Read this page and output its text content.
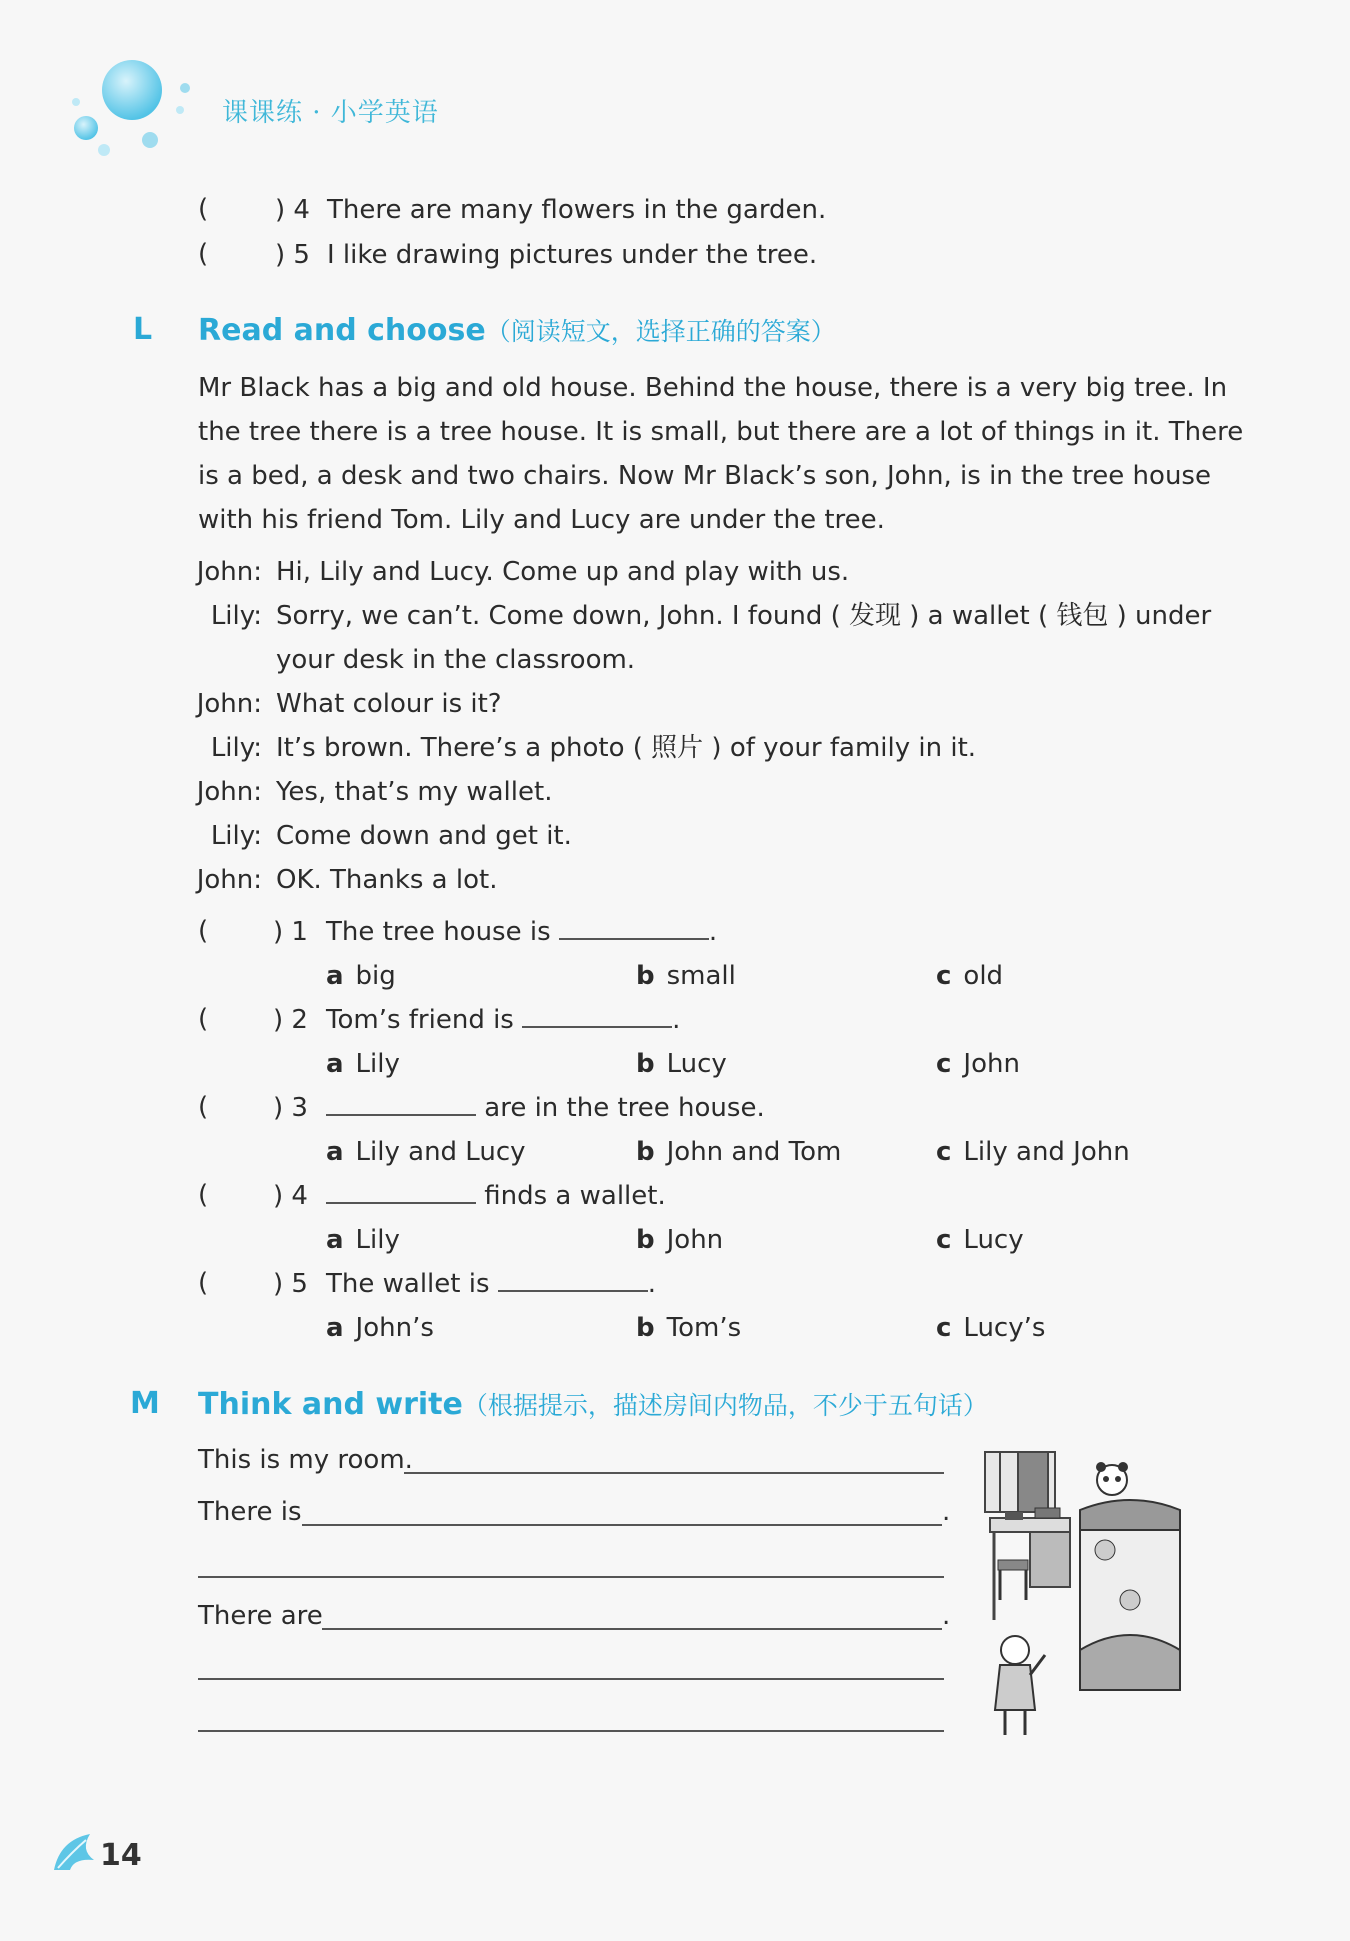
课课练 · 小学英语
(	) 4 There are many flowers in the garden.
(	) 5 I like drawing pictures under the tree.
L Read and choose（阅读短文，选择正确的答案）
Mr Black has a big and old house. Behind the house, there is a very big tree. In
the tree there is a tree house. It is small, but there are a lot of things in it. There
is a bed, a desk and two chairs. Now Mr Black’s son, John, is in the tree house
with his friend Tom. Lily and Lucy are under the tree.
John: Hi, Lily and Lucy. Come up and play with us.
Lily: Sorry, we can’t. Come down, John. I found ( 发现 ) a wallet ( 钱包 ) under
your desk in the classroom.
John: What colour is it?
Lily: It’s brown. There’s a photo ( 照片 ) of your family in it.
John: Yes, that’s my wallet.
Lily: Come down and get it.
John: OK. Thanks a lot.
( ) 1 The tree house is	.
a big	b small	c old
( ) 2 Tom’s friend is	.
a Lily	b Lucy	c John
( ) 3	are in the tree house.
a Lily and Lucy	b John and Tom	c Lily and John
( ) 4	finds a wallet.
a Lily	b John	c Lucy
( ) 5 The wallet is	.
a John’s	b Tom’s	c Lucy’s
M Think and write（根据提示，描述房间内物品，不少于五句话）
This is my room.
There is	.
There are	.
14
